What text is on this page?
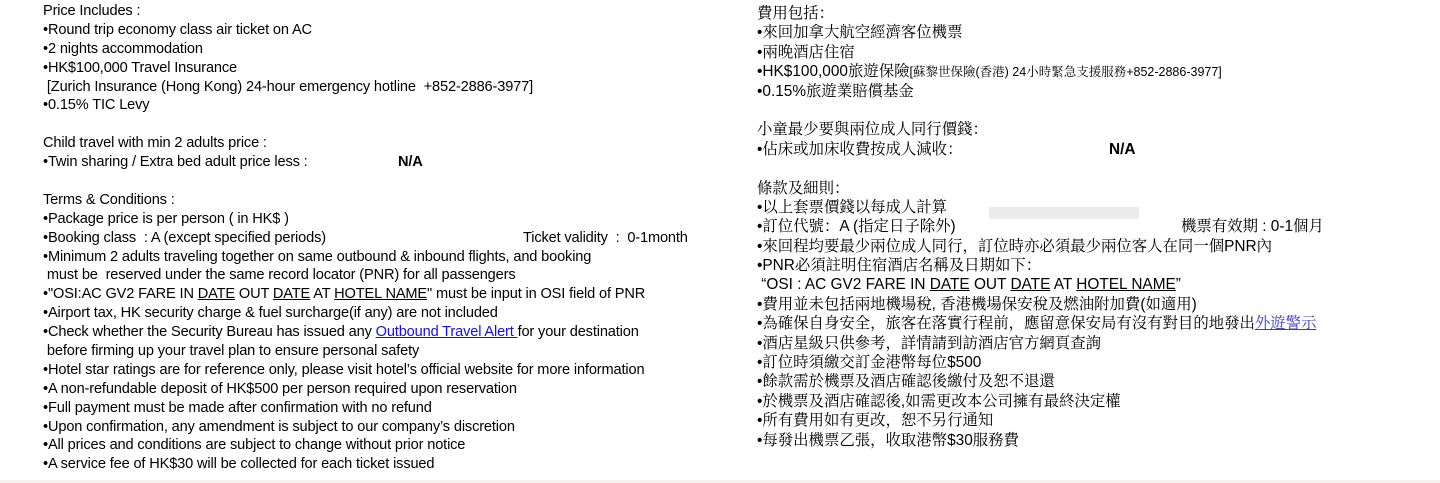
Price Includes :
•Round trip economy class air ticket on AC
•2 nights accommodation
•HK$100,000 Travel Insurance
[Zurich Insurance (Hong Kong) 24-hour emergency hotline  +852-2886-3977]
•0.15% TIC Levy
Child travel with min 2 adults price :
•Twin sharing / Extra bed adult price less :	N/A
Terms & Conditions :
•Package price is per person ( in HK$ )
•Booking class  : A (except specified periods)	Ticket validity  :  0-1month
•Minimum 2 adults traveling together on same outbound & inbound flights, and booking
must be  reserved under the same record locator (PNR) for all passengers
•"OSI:AC GV2 FARE IN DATE OUT DATE AT HOTEL NAME" must be input in OSI field of PNR
•Airport tax, HK security charge & fuel surcharge(if any) are not included
•Check whether the Security Bureau has issued any Outbound Travel Alert for your destination
before firming up your travel plan to ensure personal safety
•Hotel star ratings are for reference only, please visit hotel’s official website for more information
•A non-refundable deposit of HK$500 per person required upon reservation
•Full payment must be made after confirmation with no refund
•Upon confirmation, any amendment is subject to our company’s discretion
•All prices and conditions are subject to change without prior notice
•A service fee of HK$30 will be collected for each ticket issued
費用包括：
•來回加拿大航空經濟客位機票
•兩晚酒店住宿
•HK$100,000旅遊保險[蘇黎世保險(香港) 24小時緊急支援服務+852-2886-3977]
•0.15%旅遊業賠償基金
小童最少要與兩位成人同行價錢：
•佔床或加床收費按成人減收：	N/A
條款及細則：
•以上套票價錢以每成人計算
•訂位代號：A (指定日子除外)	機票有效期 : 0-1個月
•來回程均要最少兩位成人同行，訂位時亦必須最少兩位客人在同一個PNR內
•PNR必須註明住宿酒店名稱及日期如下：
“OSI : AC GV2 FARE IN DATE OUT DATE AT HOTEL NAME”
•費用並未包括兩地機場稅, 香港機場保安稅及燃油附加費(如適用)
•為確保自身安全，旅客在落實行程前，應留意保安局有沒有對目的地發出外遊警示
•酒店星級只供參考，詳情請到訪酒店官方網頁查詢
•訂位時須繳交訂金港幣每位$500
•餘款需於機票及酒店確認後繳付及恕不退還
•於機票及酒店確認後,如需更改本公司擁有最終決定權
•所有費用如有更改，恕不另行通知
•每發出機票乙張，收取港幣$30服務費
